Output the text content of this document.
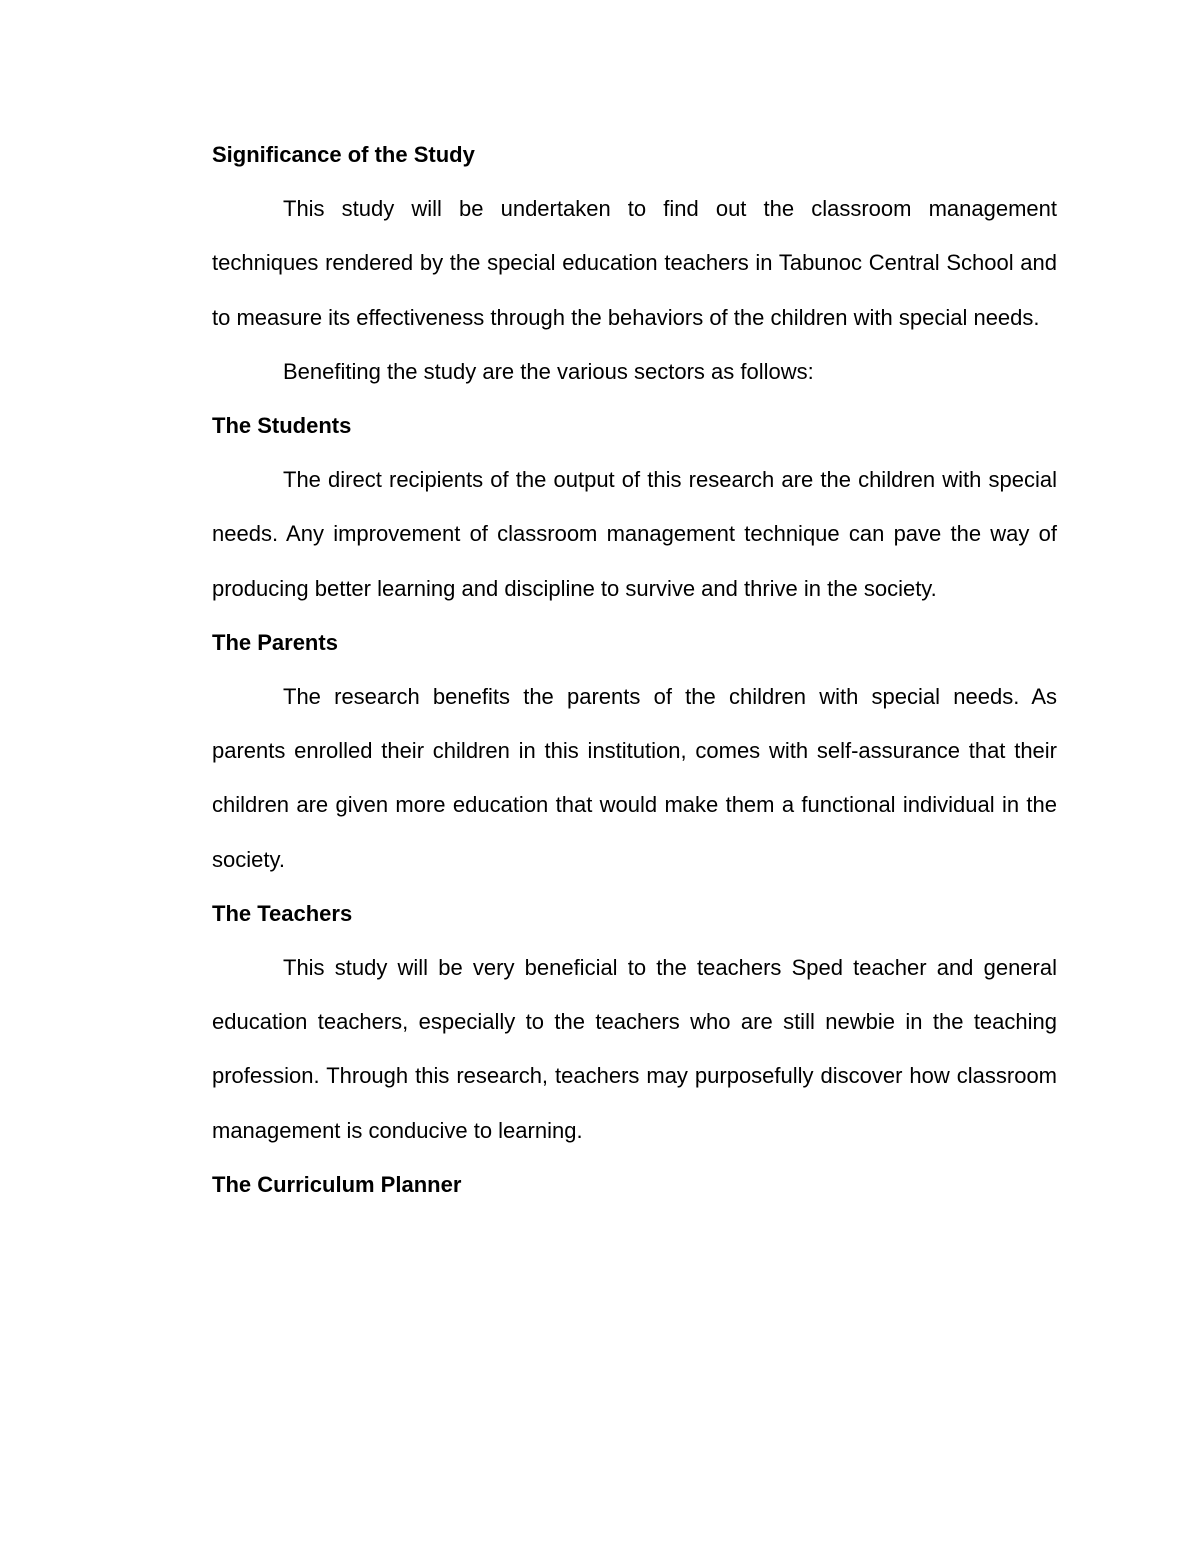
Significance of the Study

This study will be undertaken to find out the classroom management techniques rendered by the special education teachers in Tabunoc Central School and to measure its effectiveness through the behaviors of the children with special needs.

Benefiting the study are the various sectors as follows:

The Students

The direct recipients of the output of this research are the children with special needs. Any improvement of classroom management technique can pave the way of producing better learning and discipline to survive and thrive in the society.

The Parents

The research benefits the parents of the children with special needs. As parents enrolled their children in this institution, comes with self-assurance that their children are given more education that would make them a functional individual in the society.

The Teachers

This study will be very beneficial to the teachers Sped teacher and general education teachers, especially to the teachers who are still newbie in the teaching profession. Through this research, teachers may purposefully discover how classroom management is conducive to learning.

The Curriculum Planner
